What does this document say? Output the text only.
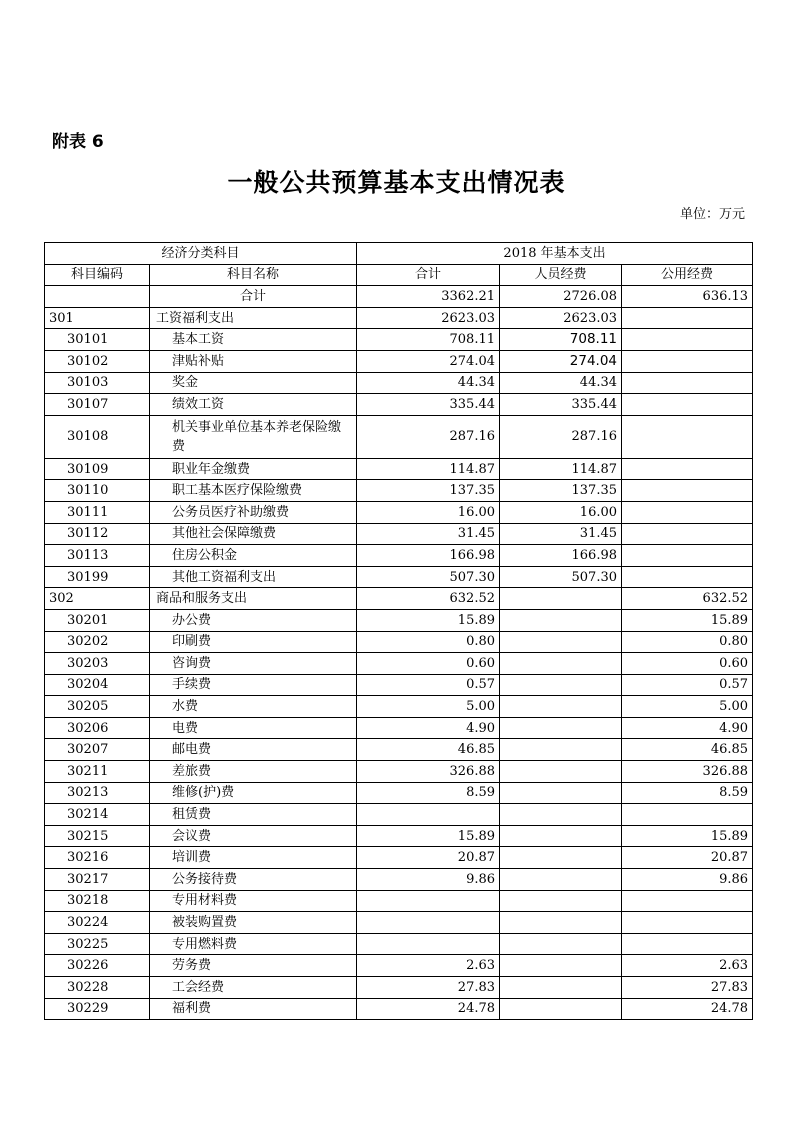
附表 6
一般公共预算基本支出情况表
单位：万元
经济分类科目		2018 年基本支出		
科目编码	科目名称	合计	人员经费	公用经费
	合计	3362.21	2726.08	636.13
301	工资福利支出	2623.03	2623.03	
30101	基本工资	708.11	708.11	
30102	津贴补贴	274.04	274.04	
30103	奖金	44.34	44.34	
30107	绩效工资	335.44	335.44	
30108	机关事业单位基本养老保险缴费	287.16	287.16	
30109	职业年金缴费	114.87	114.87	
30110	职工基本医疗保险缴费	137.35	137.35	
30111	公务员医疗补助缴费	16.00	16.00	
30112	其他社会保障缴费	31.45	31.45	
30113	住房公积金	166.98	166.98	
30199	其他工资福利支出	507.30	507.30	
302	商品和服务支出	632.52		632.52
30201	办公费	15.89		15.89
30202	印刷费	0.80		0.80
30203	咨询费	0.60		0.60
30204	手续费	0.57		0.57
30205	水费	5.00		5.00
30206	电费	4.90		4.90
30207	邮电费	46.85		46.85
30211	差旅费	326.88		326.88
30213	维修(护)费	8.59		8.59
30214	租赁费			
30215	会议费	15.89		15.89
30216	培训费	20.87		20.87
30217	公务接待费	9.86		9.86
30218	专用材料费			
30224	被装购置费			
30225	专用燃料费			
30226	劳务费	2.63		2.63
30228	工会经费	27.83		27.83
30229	福利费	24.78		24.78
